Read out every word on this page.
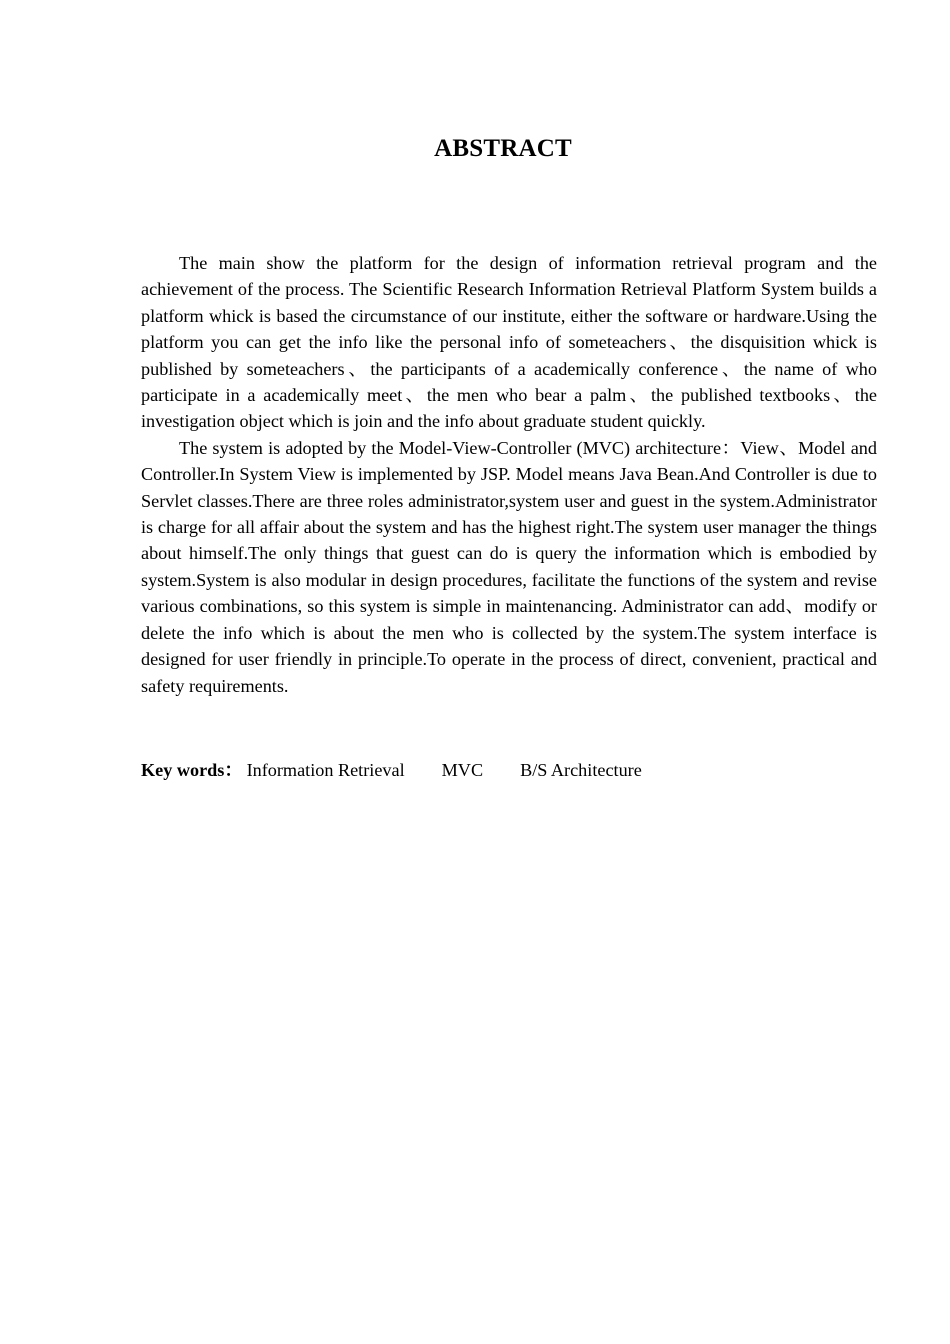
ABSTRACT

The main show the platform for the design of information retrieval program and the achievement of the process. The Scientific Research Information Retrieval Platform System builds a platform whick is based the circumstance of our institute, either the software or hardware.Using the platform you can get the info like the personal info of someteachers、the disquisition whick is published by someteachers、the participants of a academically conference、the name of who participate in a academically meet、the men who bear a palm、the published textbooks、the investigation object which is join and the info about graduate student quickly.

The system is adopted by the Model-View-Controller (MVC) architecture：View、Model and Controller.In System View is implemented by JSP. Model means Java Bean.And Controller is due to Servlet classes.There are three roles administrator,system user and guest in the system.Administrator is charge for all affair about the system and has the highest right.The system user manager the things about himself.The only things that guest can do is query the information which is embodied by system.System is also modular in design procedures, facilitate the functions of the system and revise various combinations, so this system is simple in maintenancing. Administrator can add、modify or delete the info which is about the men who is collected by the system.The system interface is designed for user friendly in principle.To operate in the process of direct, convenient, practical and safety requirements.

Key words： Information Retrieval MVC B/S Architecture
